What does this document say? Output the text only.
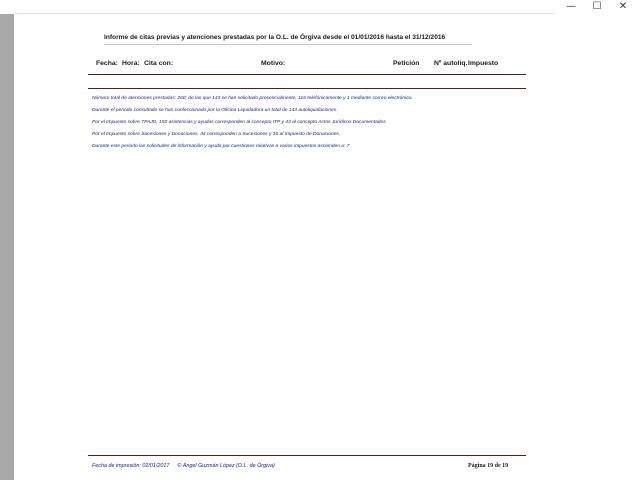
—	☐	✕
Informe de citas previas y atenciones prestadas por la O.L. de Órgiva desde el 01/01/2016 hasta el 31/12/2016
Fecha: Hora: Cita con:	Motivo:	Petición Nº autoliq. Impuesto
Número total de atenciones prestadas: 260; de las que 143 se han solicitado presencialmente, 116 telefónicamente y 1 mediante correo electrónico.
Durante el periodo consultado se han confeccionado por la Oficina Liquidadora un total de 143 autoliquidaciones.
Por el Impuesto sobre TPAJD, 150 asistencias y ayudas corresponden al concepto ITP y 43 al concepto Actos Jurídicos Documentados.
Por el Impuesto sobre Sucesiones y Donaciones, 44 corresponden a Sucesiones y 16 al Impuesto de Donaciones.
Durante este periodo las solicitudes de información y ayuda por cuestiones relativas a varios impuestos ascienden a: 7
Fecha de impresión: 02/01/2017 © Ángel Guzmán López (O.L. de Órgiva)	Página 19 de 19
